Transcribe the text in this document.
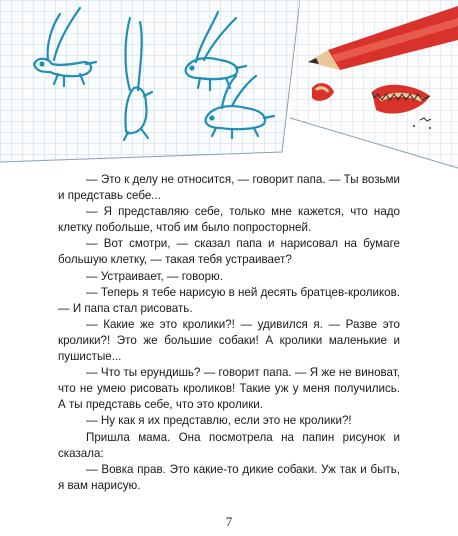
— Это к делу не относится, — говорит папа. — Ты возьми и представь себе...

— Я представляю себе, только мне кажется, что надо клетку побольше, чтоб им было попросторней.

— Вот смотри, — сказал папа и нарисовал на бумаге большую клетку, — такая тебя устраивает?

— Устраивает, — говорю.

— Теперь я тебе нарисую в ней десять братцев-кроликов. — И папа стал рисовать.

— Какие же это кролики?! — удивился я. — Разве это кролики?! Это же большие собаки! А кролики маленькие и пушистые...

— Что ты ерундишь? — говорит папа. — Я же не виноват, что не умею рисовать кроликов! Такие уж у меня получились. А ты представь себе, что это кролики.

— Ну как я их представлю, если это не кролики?!

Пришла мама. Она посмотрела на папин рисунок и сказала:

— Вовка прав. Это какие-то дикие собаки. Уж так и быть, я вам нарисую.

7
